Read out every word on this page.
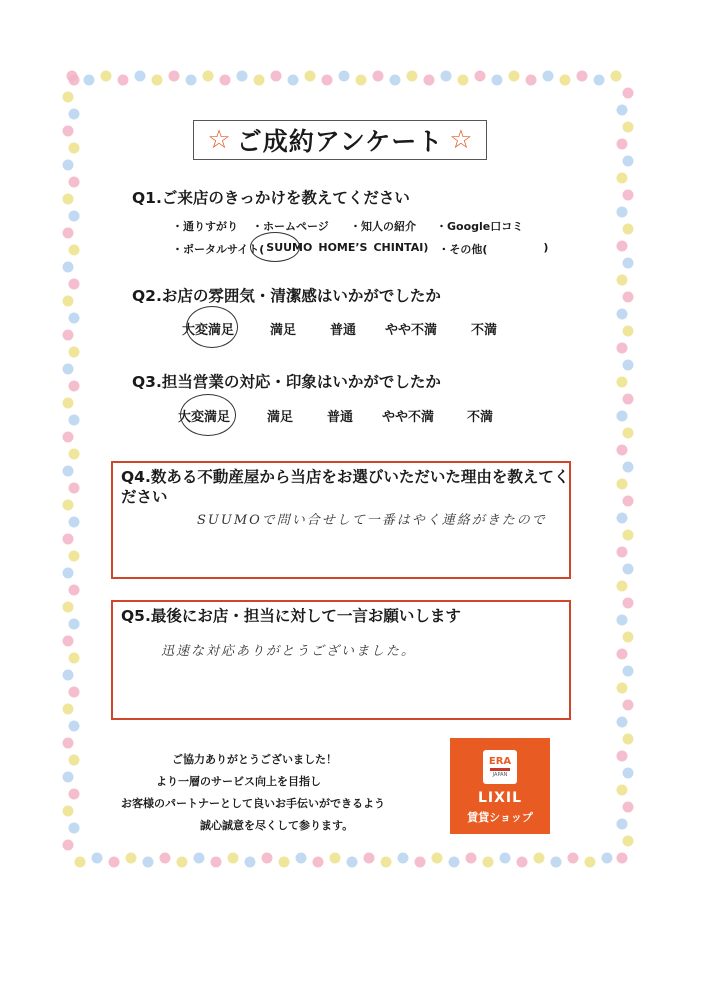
☆ ご成約アンケート ☆
Q1.ご来店のきっかけを教えてください
・通りすがり	・ホームページ	・知人の紹介	・Google口コミ
・ポータルサイト( SUUMO HOME’S CHINTAI ) ・その他(	)
Q2.お店の雰囲気・清潔感はいかがでしたか
大変満足	満足	普通 やや不満	不満
Q3.担当営業の対応・印象はいかがでしたか
大変満足	満足	普通 やや不満	不満
Q4.数ある不動産屋から当店をお選びいただいた理由を教えてください
SUUMOで問い合せして一番はやく連絡がきたので
Q5.最後にお店・担当に対して一言お願いします
迅速な対応ありがとうございました。
ご協力ありがとうございました！
より一層のサービス向上を目指し
お客様のパートナーとして良いお手伝いができるよう
誠心誠意を尽くして参ります。
ERA
JAPAN
LIXIL
賃貸ショップ
